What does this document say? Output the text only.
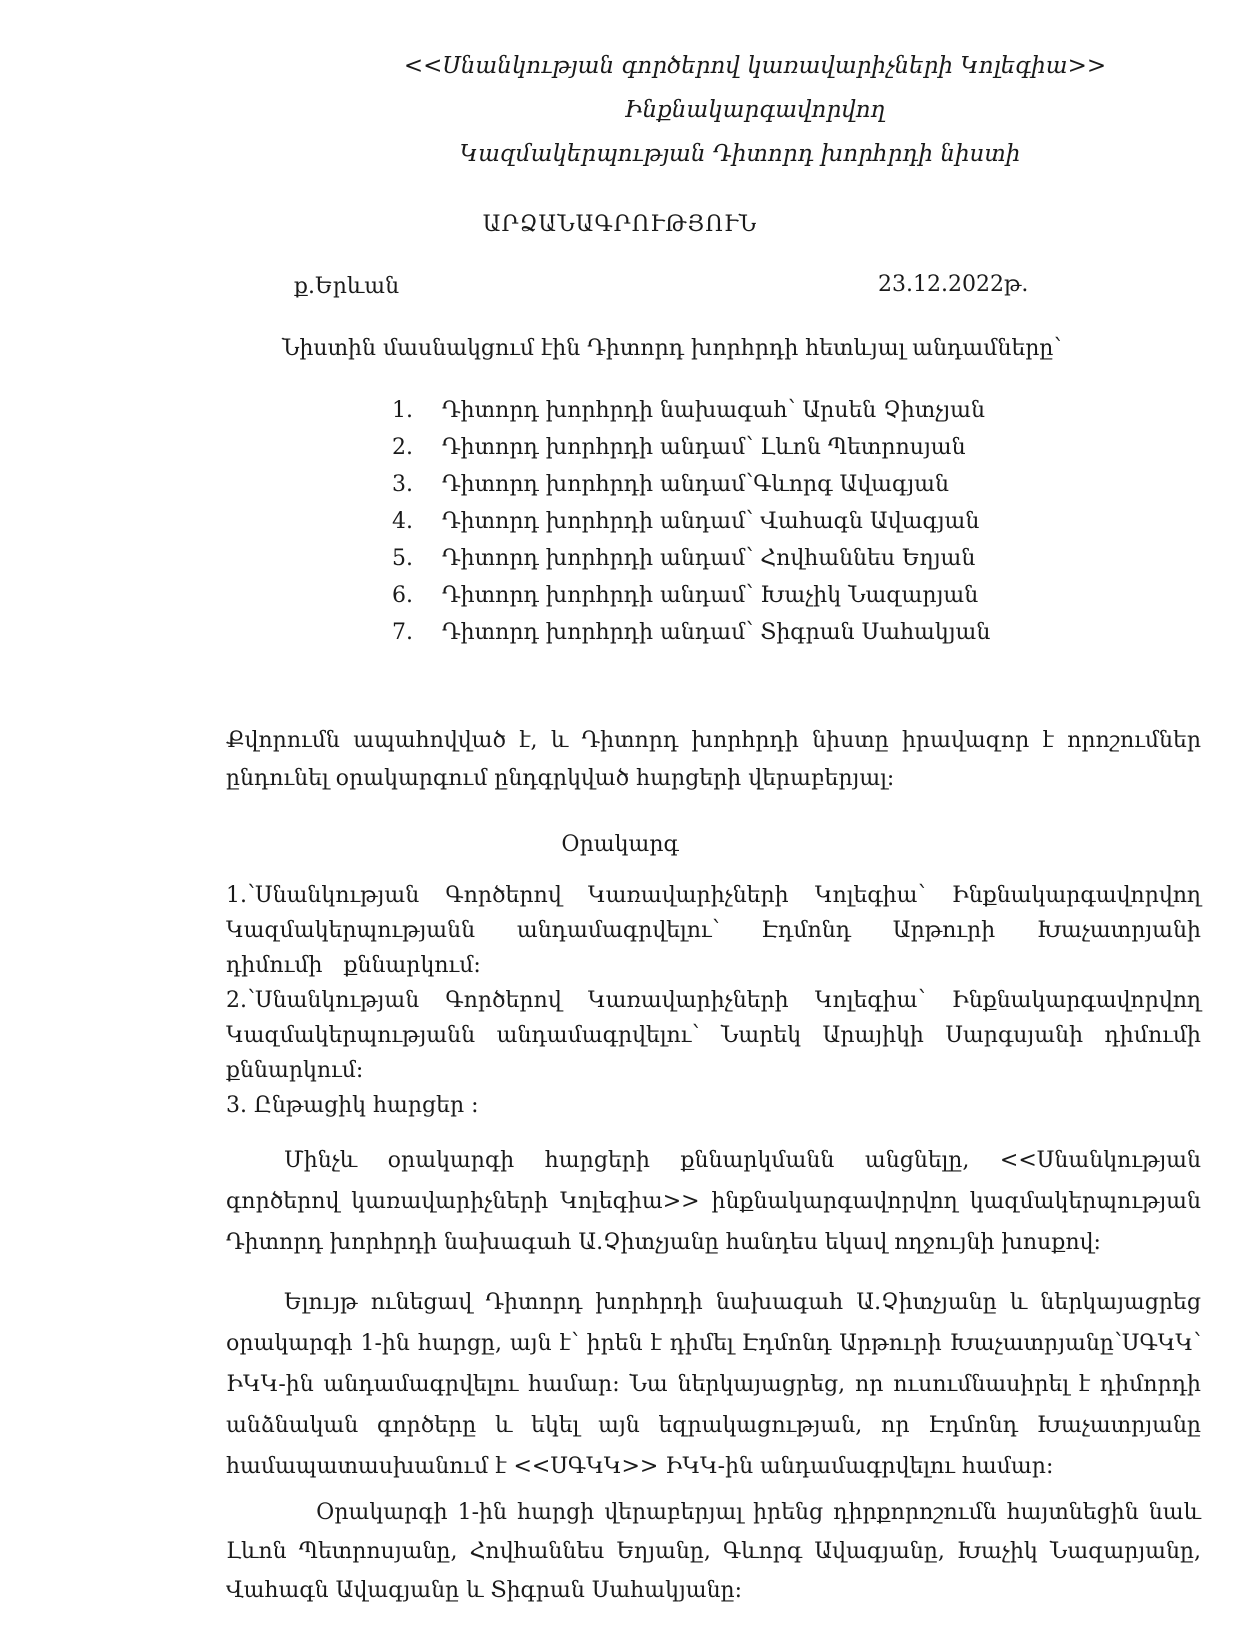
<<Սնանկության գործերով կառավարիչների Կոլեգիա>> Ինքնակարգավորվող
Կազմակերպության Դիտորդ խորհրդի նիստի
ԱՐՁԱՆԱԳՐՈՒԹՅՈՒՆ
ք.Երևան	23.12.2022թ.
Նիստին մասնակցում էին Դիտորդ խորհրդի հետևյալ անդամները՝
1.	Դիտորդ խորհրդի նախագահ՝ Արսեն Չիտչյան
2.	Դիտորդ խորհրդի անդամ՝ Լևոն Պետրոսյան
3.	Դիտորդ խորհրդի անդամ՝Գևորգ Ավագյան
4.	Դիտորդ խորհրդի անդամ՝ Վահագն Ավագյան
5.	Դիտորդ խորհրդի անդամ՝ Հովհաննես Եղյան
6.	Դիտորդ խորհրդի անդամ՝ Խաչիկ Նազարյան
7.	Դիտորդ խորհրդի անդամ՝ Տիգրան Սահակյան
Քվորումն ապահովված է, և Դիտորդ խորհրդի նիստը իրավազոր է որոշումներ ընդունել օրակարգում ընդգրկված հարցերի վերաբերյալ:
Օրակարգ
1.՝Սնանկության Գործերով Կառավարիչների Կոլեգիա՝ Ինքնակարգավորվող Կազմակերպությանն անդամագրվելու՝ Էդմոնդ Արթուրի Խաչատրյանի դիմումի քննարկում:
2.՝Սնանկության Գործերով Կառավարիչների Կոլեգիա՝ Ինքնակարգավորվող Կազմակերպությանն անդամագրվելու՝ Նարեկ Արայիկի Սարգսյանի դիմումի քննարկում:
3. Ընթացիկ հարցեր :
Մինչև օրակարգի հարցերի քննարկմանն անցնելը, <<Սնանկության գործերով կառավարիչների Կոլեգիա>> ինքնակարգավորվող կազմակերպության Դիտորդ խորհրդի նախագահ Ա.Չիտչյանը հանդես եկավ ողջույնի խոսքով:
Ելույթ ունեցավ Դիտորդ խորհրդի նախագահ Ա.Չիտչյանը և ներկայացրեց օրակարգի 1-ին հարցը, այն է՝ իրեն է դիմել Էդմոնդ Արթուրի Խաչատրյանը՝ՍԳԿԿ՝ ԻԿԿ-ին անդամագրվելու համար: Նա ներկայացրեց, որ ուսումնասիրել է դիմորդի անձնական գործերը և եկել այն եզրակացության, որ Էդմոնդ Խաչատրյանը համապատասխանում է <<ՍԳԿԿ>> ԻԿԿ-ին անդամագրվելու համար:
Օրակարգի 1-ին հարցի վերաբերյալ իրենց դիրքորոշումն հայտնեցին նաև Լևոն Պետրոսյանը, Հովհաննես Եղյանը, Գևորգ Ավագյանը, Խաչիկ Նազարյանը, Վահագն Ավագյանը և Տիգրան Սահակյանը:
